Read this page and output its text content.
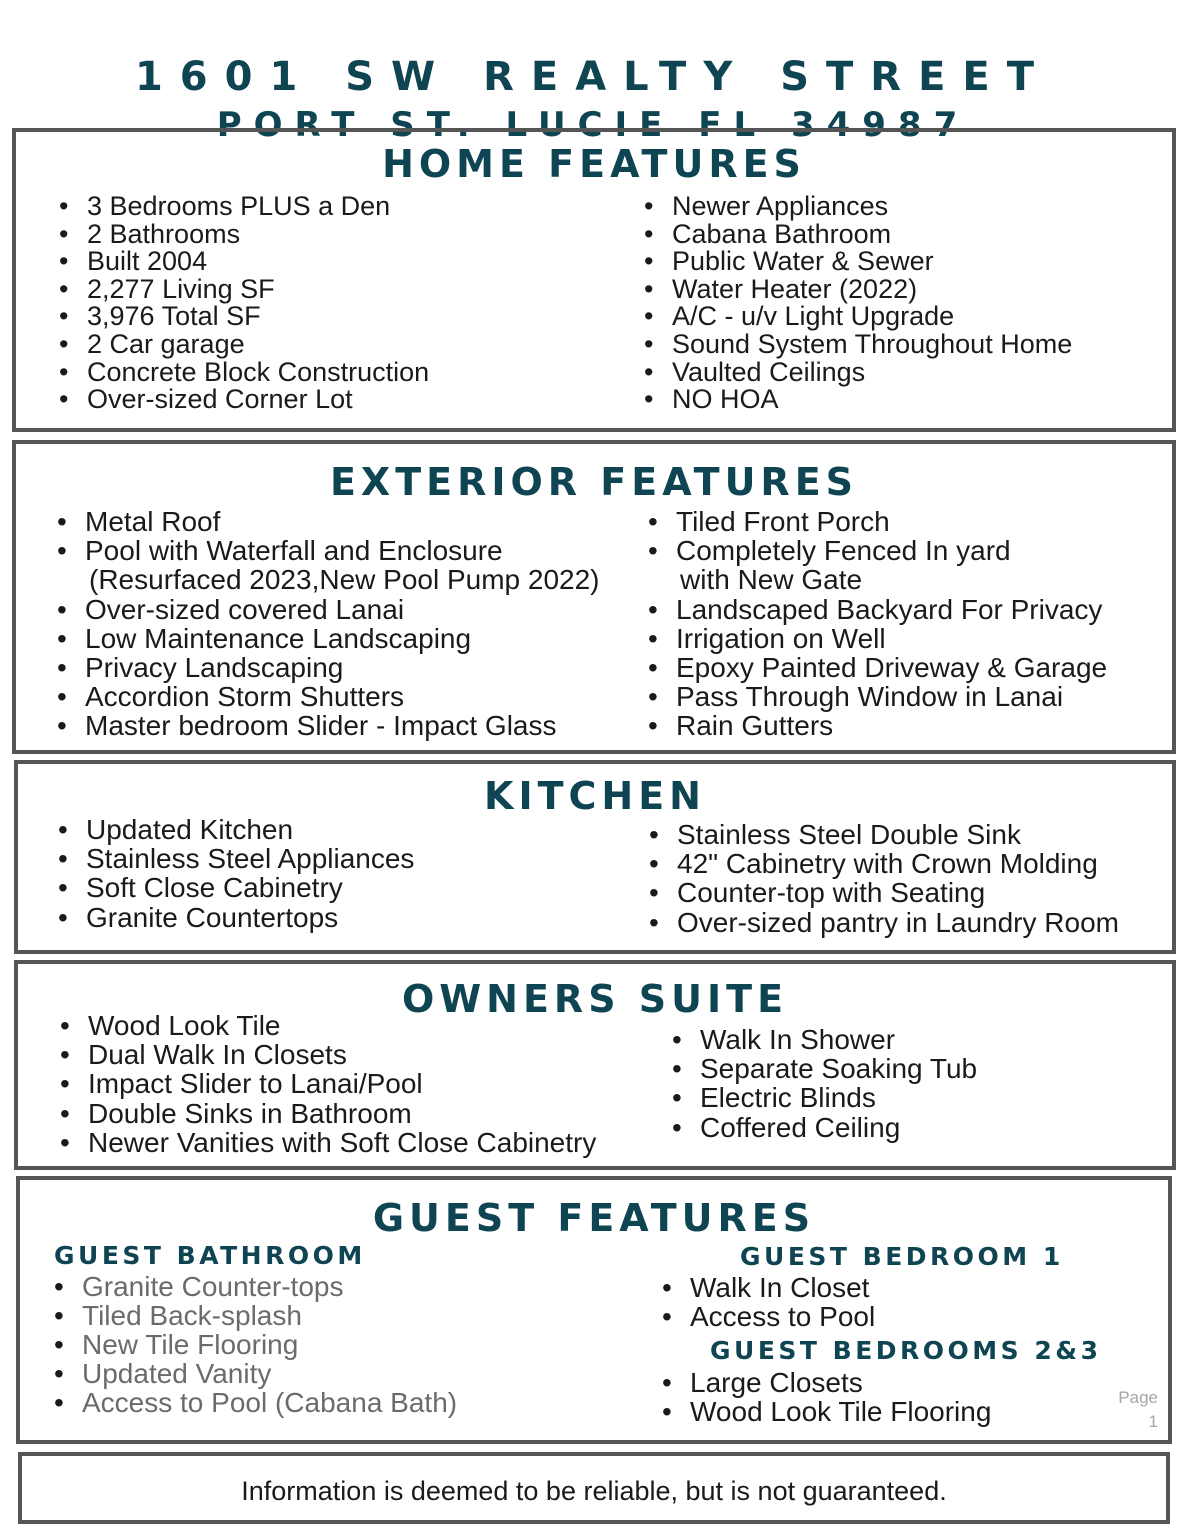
1601 SW REALTY STREET
PORT ST. LUCIE FL 34987
HOME FEATURES
• 3 Bedrooms PLUS a Den
• 2 Bathrooms
• Built 2004
• 2,277 Living SF
• 3,976 Total SF
• 2 Car garage
• Concrete Block Construction
• Over-sized Corner Lot
• Newer Appliances
• Cabana Bathroom
• Public Water & Sewer
• Water Heater (2022)
• A/C - u/v Light Upgrade
• Sound System Throughout Home
• Vaulted Ceilings
• NO HOA
EXTERIOR FEATURES
• Metal Roof
• Pool with Waterfall and Enclosure
(Resurfaced 2023,New Pool Pump 2022)
• Over-sized covered Lanai
• Low Maintenance Landscaping
• Privacy Landscaping
• Accordion Storm Shutters
• Master bedroom Slider - Impact Glass
• Tiled Front Porch
• Completely Fenced In yard
with New Gate
• Landscaped Backyard For Privacy
• Irrigation on Well
• Epoxy Painted Driveway & Garage
• Pass Through Window in Lanai
• Rain Gutters
KITCHEN
• Updated Kitchen
• Stainless Steel Appliances
• Soft Close Cabinetry
• Granite Countertops
• Stainless Steel Double Sink
• 42" Cabinetry with Crown Molding
• Counter-top with Seating
• Over-sized pantry in Laundry Room
OWNERS SUITE
• Wood Look Tile
• Dual Walk In Closets
• Impact Slider to Lanai/Pool
• Double Sinks in Bathroom
• Newer Vanities with Soft Close Cabinetry
• Walk In Shower
• Separate Soaking Tub
• Electric Blinds
• Coffered Ceiling
GUEST FEATURES
GUEST BATHROOM
• Granite Counter-tops
• Tiled Back-splash
• New Tile Flooring
• Updated Vanity
• Access to Pool (Cabana Bath)
GUEST BEDROOM 1
• Walk In Closet
• Access to Pool
GUEST BEDROOMS 2&3
• Large Closets
• Wood Look Tile Flooring	Page
1
Information is deemed to be reliable, but is not guaranteed.
